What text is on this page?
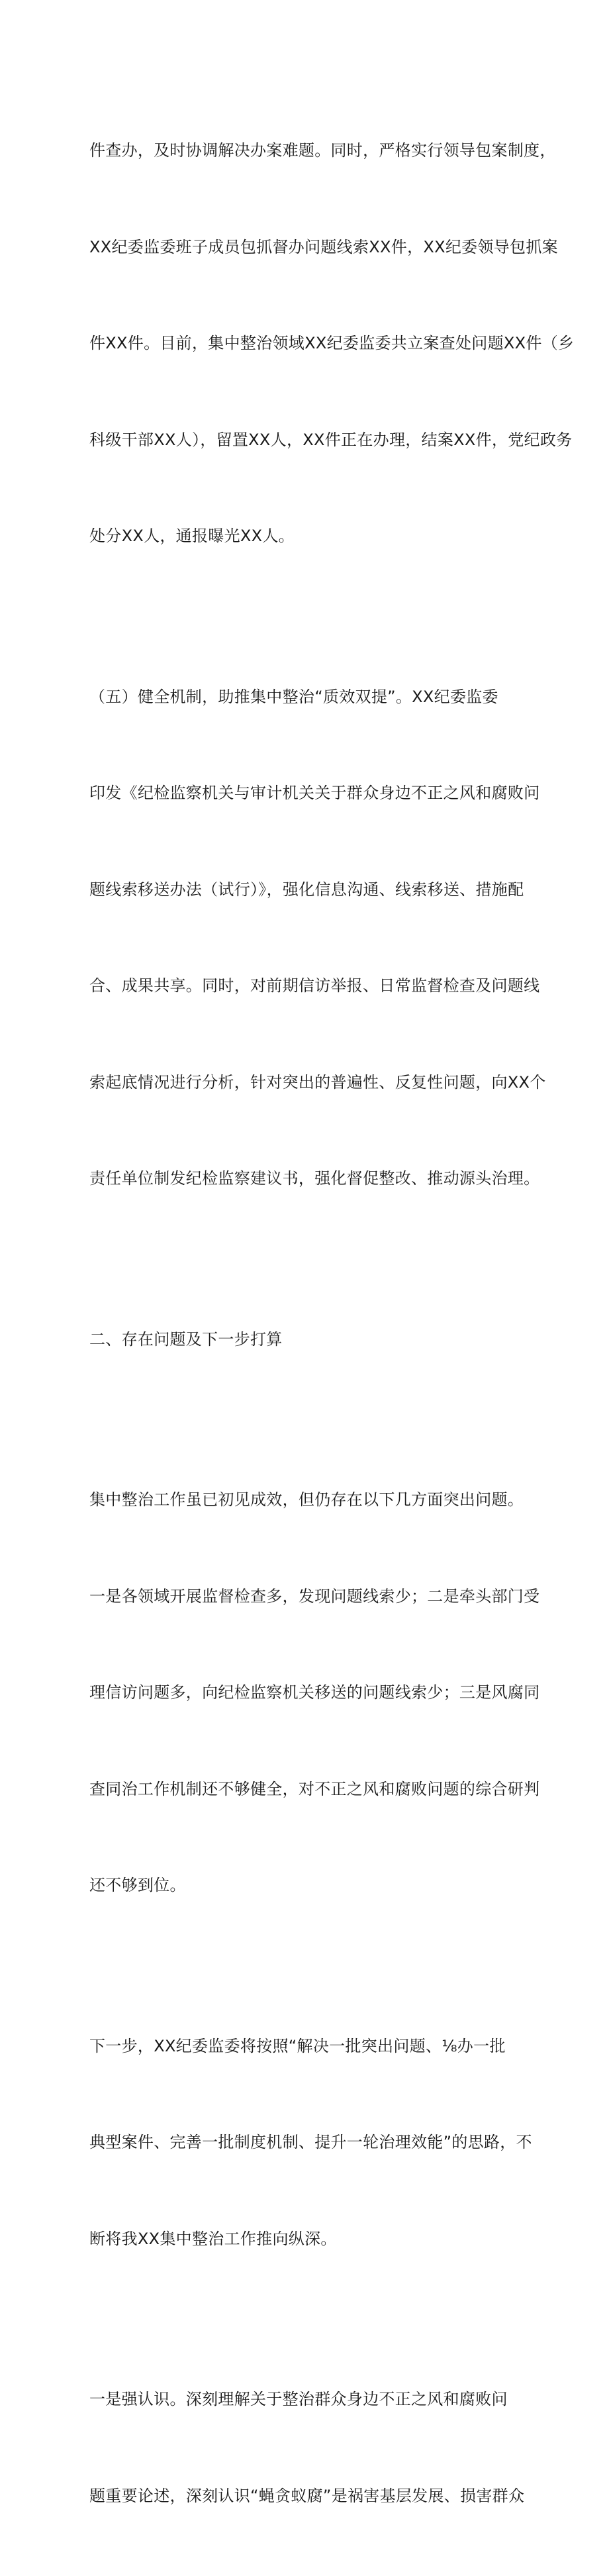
件查办，及时协调解决办案难题。同时，严格实行领导包案制度，

XX纪委监委班子成员包抓督办问题线索XX件，XX纪委领导包抓案

件XX件。目前，集中整治领域XX纪委监委共立案查处问题XX件（乡

科级干部XX人），留置XX人，XX件正在办理，结案XX件，党纪政务

处分XX人，通报曝光XX人。

（五）健全机制，助推集中整治“质效双提”。XX纪委监委

印发《纪检监察机关与审计机关关于群众身边不正之风和腐败问

题线索移送办法（试行）》，强化信息沟通、线索移送、措施配

合、成果共享。同时，对前期信访举报、日常监督检查及问题线

索起底情况进行分析，针对突出的普遍性、反复性问题，向XX个

责任单位制发纪检监察建议书，强化督促整改、推动源头治理。

二、存在问题及下一步打算

集中整治工作虽已初见成效，但仍存在以下几方面突出问题。

一是各领域开展监督检查多，发现问题线索少；二是牵头部门受

理信访问题多，向纪检监察机关移送的问题线索少；三是风腐同

查同治工作机制还不够健全，对不正之风和腐败问题的综合研判

还不够到位。

下一步，XX纪委监委将按照“解决一批突出问题、⅛办一批

典型案件、完善一批制度机制、提升一轮治理效能”的思路，不

断将我XX集中整治工作推向纵深。

一是强认识。深刻理解关于整治群众身边不正之风和腐败问

题重要论述，深刻认识“蝇贪蚁腐”是祸害基层发展、损害群众
